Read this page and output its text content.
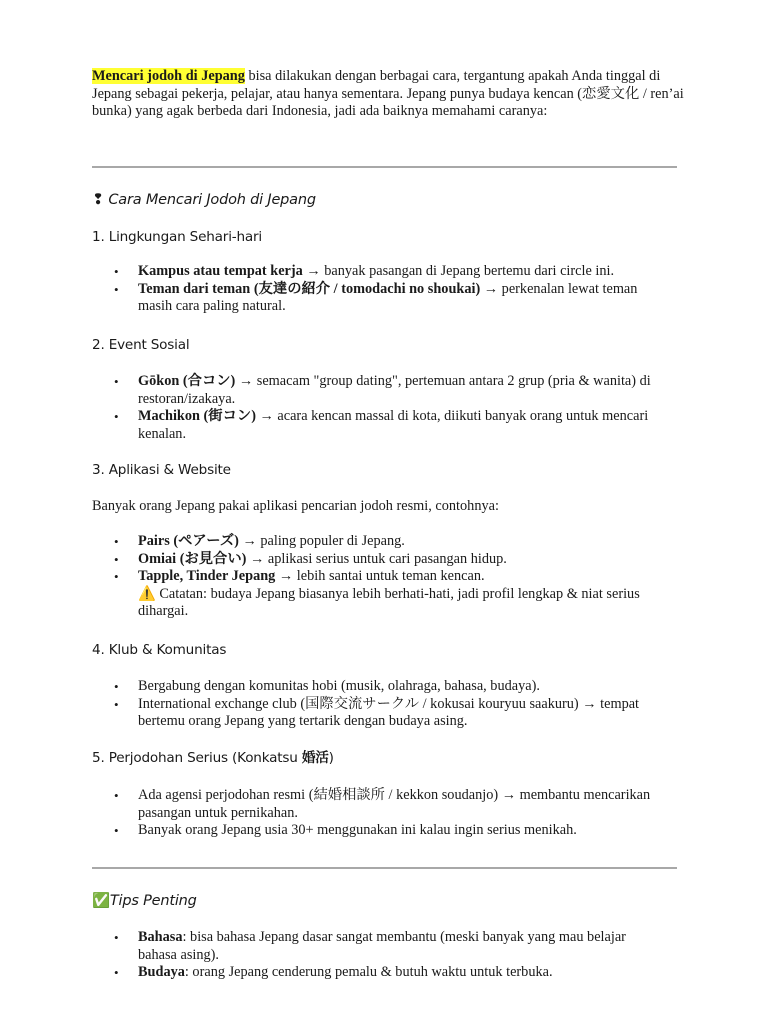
Mencari jodoh di Jepang bisa dilakukan dengan berbagai cara, tergantung apakah Anda tinggal di Jepang sebagai pekerja, pelajar, atau hanya sementara. Jepang punya budaya kencan (恋愛文化 / ren’ai bunka) yang agak berbeda dari Indonesia, jadi ada baiknya memahami caranya:

❢ Cara Mencari Jodoh di Jepang
1. Lingkungan Sehari-hari
• Kampus atau tempat kerja → banyak pasangan di Jepang bertemu dari circle ini.
• Teman dari teman (友達の紹介 / tomodachi no shoukai) → perkenalan lewat teman masih cara paling natural.
2. Event Sosial
• Gōkon (合コン) → semacam "group dating", pertemuan antara 2 grup (pria & wanita) di restoran/izakaya.
• Machikon (街コン) → acara kencan massal di kota, diikuti banyak orang untuk mencari kenalan.
3. Aplikasi & Website

Banyak orang Jepang pakai aplikasi pencarian jodoh resmi, contohnya:

• Pairs (ペアーズ) → paling populer di Jepang.
• Omiai (お見合い) → aplikasi serius untuk cari pasangan hidup.
• Tapple, Tinder Jepang → lebih santai untuk teman kencan.
⚠️ Catatan: budaya Jepang biasanya lebih berhati-hati, jadi profil lengkap & niat serius dihargai.
4. Klub & Komunitas
• Bergabung dengan komunitas hobi (musik, olahraga, bahasa, budaya).
• International exchange club (国際交流サークル / kokusai kouryuu saakuru) → tempat bertemu orang Jepang yang tertarik dengan budaya asing.
5. Perjodohan Serius (Konkatsu 婚活)
• Ada agensi perjodohan resmi (結婚相談所 / kekkon soudanjo) → membantu mencarikan pasangan untuk pernikahan.
• Banyak orang Jepang usia 30+ menggunakan ini kalau ingin serius menikah.
✅Tips Penting
• Bahasa: bisa bahasa Jepang dasar sangat membantu (meski banyak yang mau belajar bahasa asing).
• Budaya: orang Jepang cenderung pemalu & butuh waktu untuk terbuka.
